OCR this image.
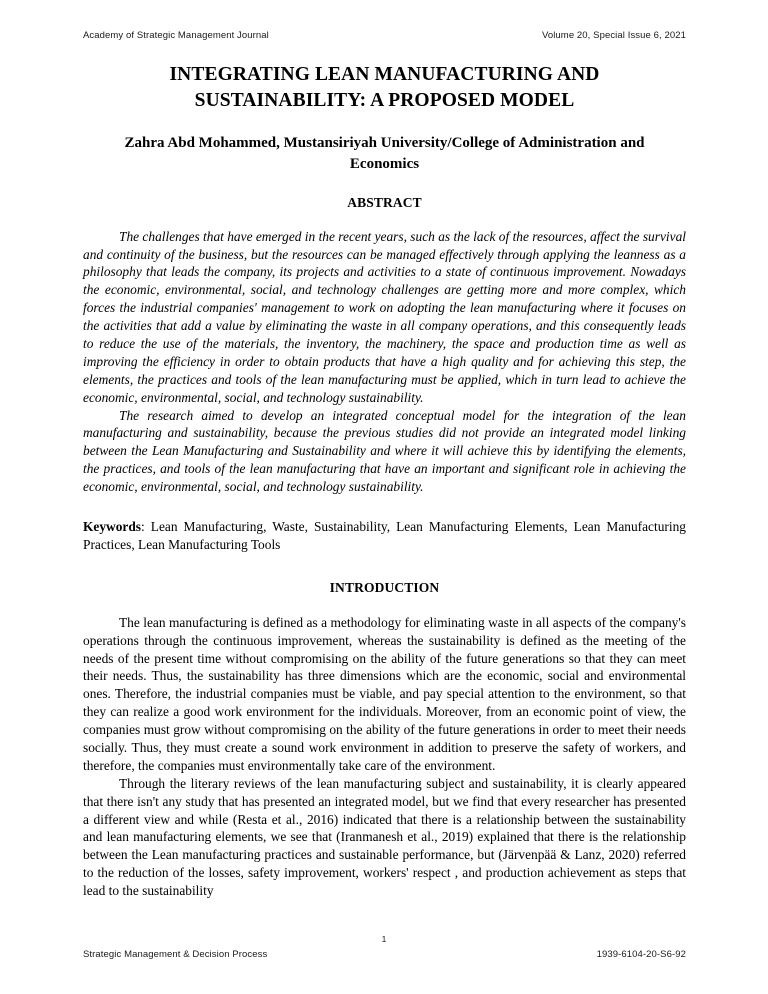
Academy of Strategic Management Journal	Volume 20, Special Issue 6, 2021
INTEGRATING LEAN MANUFACTURING AND SUSTAINABILITY: A PROPOSED MODEL
Zahra Abd Mohammed, Mustansiriyah University/College of Administration and Economics
ABSTRACT

The challenges that have emerged in the recent years, such as the lack of the resources, affect the survival and continuity of the business, but the resources can be managed effectively through applying the leanness as a philosophy that leads the company, its projects and activities to a state of continuous improvement. Nowadays the economic, environmental, social, and technology challenges are getting more and more complex, which forces the industrial companies' management to work on adopting the lean manufacturing where it focuses on the activities that add a value by eliminating the waste in all company operations, and this consequently leads to reduce the use of the materials, the inventory, the machinery, the space and production time as well as improving the efficiency in order to obtain products that have a high quality and for achieving this step, the elements, the practices and tools of the lean manufacturing must be applied, which in turn lead to achieve the economic, environmental, social, and technology sustainability.

The research aimed to develop an integrated conceptual model for the integration of the lean manufacturing and sustainability, because the previous studies did not provide an integrated model linking between the Lean Manufacturing and Sustainability and where it will achieve this by identifying the elements, the practices, and tools of the lean manufacturing that have an important and significant role in achieving the economic, environmental, social, and technology sustainability.

Keywords: Lean Manufacturing, Waste, Sustainability, Lean Manufacturing Elements, Lean Manufacturing Practices, Lean Manufacturing Tools

INTRODUCTION

The lean manufacturing is defined as a methodology for eliminating waste in all aspects of the company's operations through the continuous improvement, whereas the sustainability is defined as the meeting of the needs of the present time without compromising on the ability of the future generations so that they can meet their needs. Thus, the sustainability has three dimensions which are the economic, social and environmental ones. Therefore, the industrial companies must be viable, and pay special attention to the environment, so that they can realize a good work environment for the individuals. Moreover, from an economic point of view, the companies must grow without compromising on the ability of the future generations in order to meet their needs socially. Thus, they must create a sound work environment in addition to preserve the safety of workers, and therefore, the companies must environmentally take care of the environment.

Through the literary reviews of the lean manufacturing subject and sustainability, it is clearly appeared that there isn't any study that has presented an integrated model, but we find that every researcher has presented a different view and while (Resta et al., 2016) indicated that there is a relationship between the sustainability and lean manufacturing elements, we see that (Iranmanesh et al., 2019) explained that there is the relationship between the Lean manufacturing practices and sustainable performance, but (Järvenpää & Lanz, 2020) referred to the reduction of the losses, safety improvement, workers' respect , and production achievement as steps that lead to the sustainability

1
Strategic Management & Decision Process	1939-6104-20-S6-92
